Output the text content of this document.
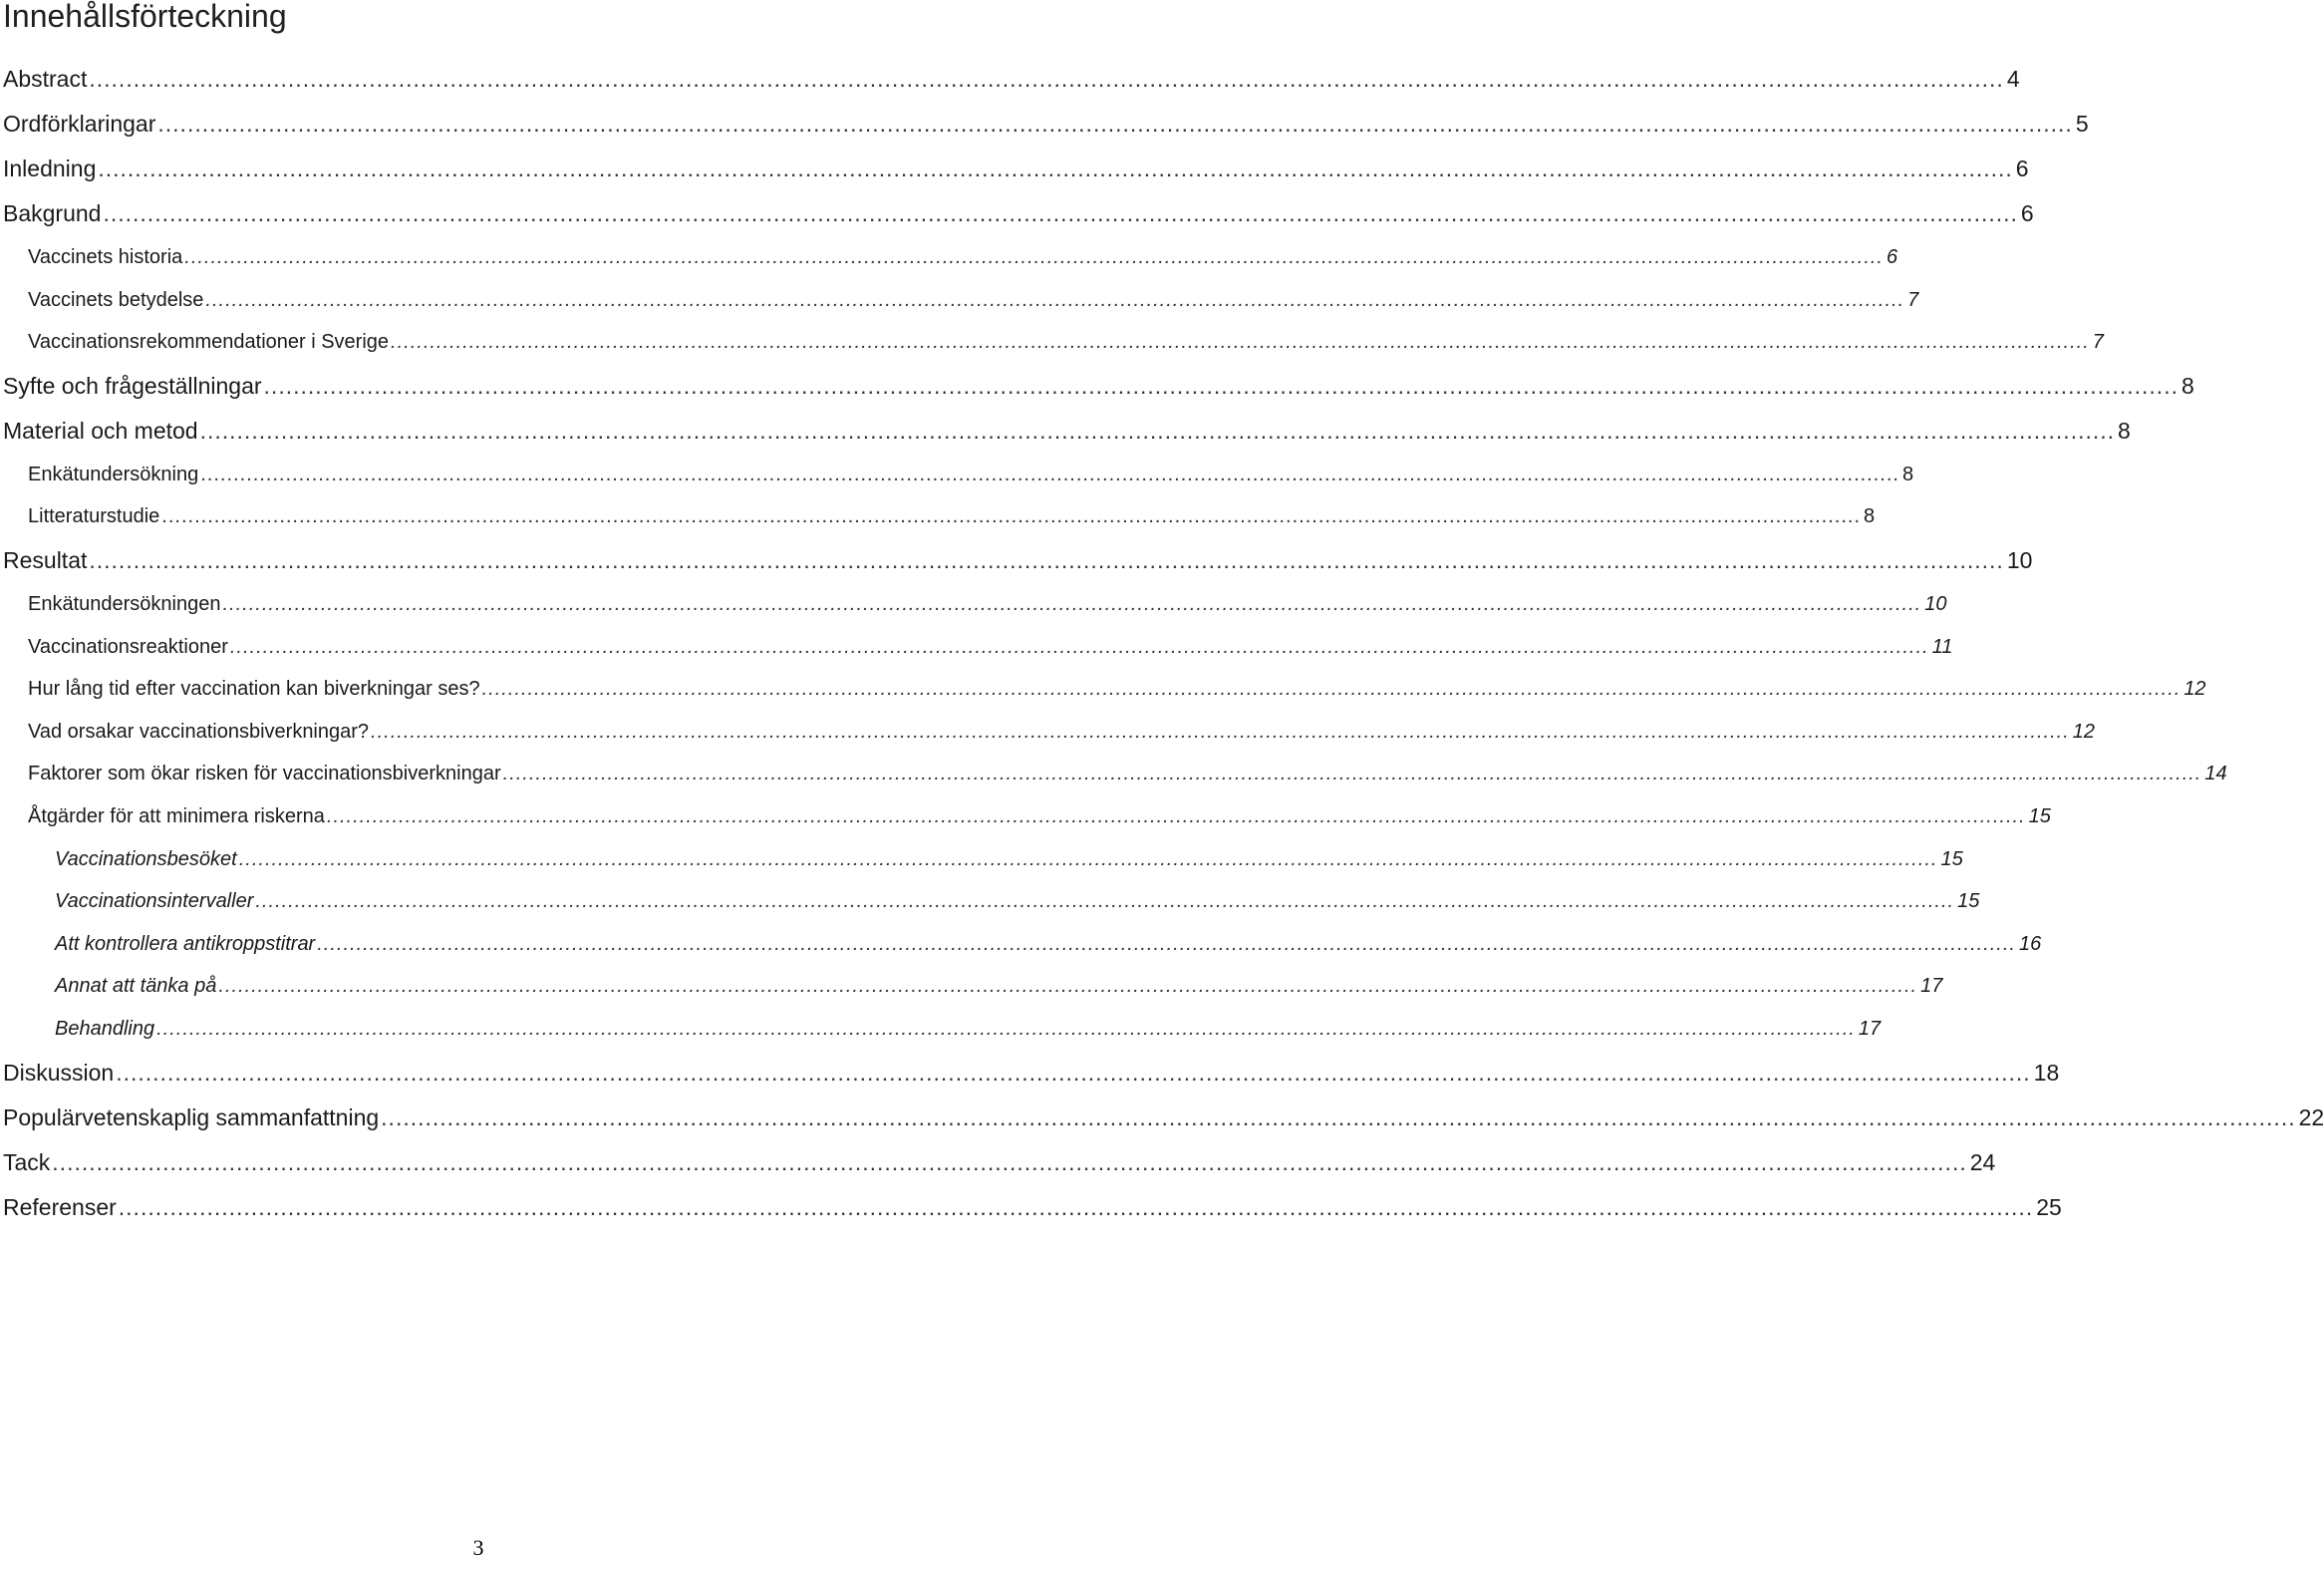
Innehållsförteckning
Abstract .................................................................................................................................................................................................................................................................... 4
Ordförklaringar .................................................................................................................................................................................................................................................................... 5
Inledning .................................................................................................................................................................................................................................................................... 6
Bakgrund .................................................................................................................................................................................................................................................................... 6
Vaccinets historia .................................................................................................................................................................................................................................................................... 6
Vaccinets betydelse .................................................................................................................................................................................................................................................................... 7
Vaccinationsrekommendationer i Sverige .................................................................................................................................................................................................................................................................... 7
Syfte och frågeställningar .................................................................................................................................................................................................................................................................... 8
Material och metod .................................................................................................................................................................................................................................................................... 8
Enkätundersökning .................................................................................................................................................................................................................................................................... 8
Litteraturstudie .................................................................................................................................................................................................................................................................... 8
Resultat .................................................................................................................................................................................................................................................................... 10
Enkätundersökningen .................................................................................................................................................................................................................................................................... 10
Vaccinationsreaktioner .................................................................................................................................................................................................................................................................... 11
Hur lång tid efter vaccination kan biverkningar ses? .................................................................................................................................................................................................................................................................... 12
Vad orsakar vaccinationsbiverkningar? .................................................................................................................................................................................................................................................................... 12
Faktorer som ökar risken för vaccinationsbiverkningar .................................................................................................................................................................................................................................................................... 14
Åtgärder för att minimera riskerna .................................................................................................................................................................................................................................................................... 15
Vaccinationsbesöket .................................................................................................................................................................................................................................................................... 15
Vaccinationsintervaller .................................................................................................................................................................................................................................................................... 15
Att kontrollera antikroppstitrar .................................................................................................................................................................................................................................................................... 16
Annat att tänka på .................................................................................................................................................................................................................................................................... 17
Behandling .................................................................................................................................................................................................................................................................... 17
Diskussion .................................................................................................................................................................................................................................................................... 18
Populärvetenskaplig sammanfattning .................................................................................................................................................................................................................................................................... 22
Tack .................................................................................................................................................................................................................................................................... 24
Referenser .................................................................................................................................................................................................................................................................... 25
3
